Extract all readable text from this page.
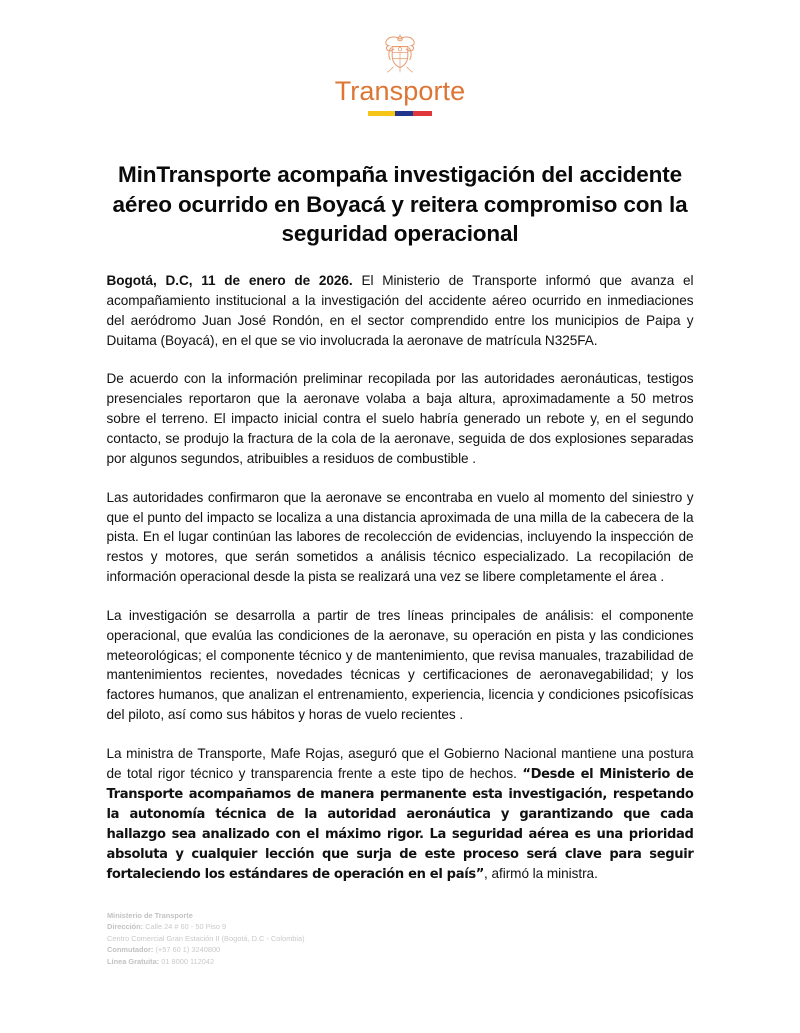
Transporte
MinTransporte acompaña investigación del accidente aéreo ocurrido en Boyacá y reitera compromiso con la seguridad operacional

Bogotá, D.C, 11 de enero de 2026. El Ministerio de Transporte informó que avanza el acompañamiento institucional a la investigación del accidente aéreo ocurrido en inmediaciones del aeródromo Juan José Rondón, en el sector comprendido entre los municipios de Paipa y Duitama (Boyacá), en el que se vio involucrada la aeronave de matrícula N325FA.

De acuerdo con la información preliminar recopilada por las autoridades aeronáuticas, testigos presenciales reportaron que la aeronave volaba a baja altura, aproximadamente a 50 metros sobre el terreno. El impacto inicial contra el suelo habría generado un rebote y, en el segundo contacto, se produjo la fractura de la cola de la aeronave, seguida de dos explosiones separadas por algunos segundos, atribuibles a residuos de combustible .

Las autoridades confirmaron que la aeronave se encontraba en vuelo al momento del siniestro y que el punto del impacto se localiza a una distancia aproximada de una milla de la cabecera de la pista. En el lugar continúan las labores de recolección de evidencias, incluyendo la inspección de restos y motores, que serán sometidos a análisis técnico especializado. La recopilación de información operacional desde la pista se realizará una vez se libere completamente el área .

La investigación se desarrolla a partir de tres líneas principales de análisis: el componente operacional, que evalúa las condiciones de la aeronave, su operación en pista y las condiciones meteorológicas; el componente técnico y de mantenimiento, que revisa manuales, trazabilidad de mantenimientos recientes, novedades técnicas y certificaciones de aeronavegabilidad; y los factores humanos, que analizan el entrenamiento, experiencia, licencia y condiciones psicofísicas del piloto, así como sus hábitos y horas de vuelo recientes .

La ministra de Transporte, Mafe Rojas, aseguró que el Gobierno Nacional mantiene una postura de total rigor técnico y transparencia frente a este tipo de hechos. “Desde el Ministerio de Transporte acompañamos de manera permanente esta investigación, respetando la autonomía técnica de la autoridad aeronáutica y garantizando que cada hallazgo sea analizado con el máximo rigor. La seguridad aérea es una prioridad absoluta y cualquier lección que surja de este proceso será clave para seguir fortaleciendo los estándares de operación en el país”, afirmó la ministra.

Ministerio de Transporte
Dirección: Calle 24 # 60 - 50 Piso 9
Centro Comercial Gran Estación II (Bogotá, D.C - Colombia)
Conmutador: (+57 60 1) 3240800
Línea Gratuita: 01 8000 112042
